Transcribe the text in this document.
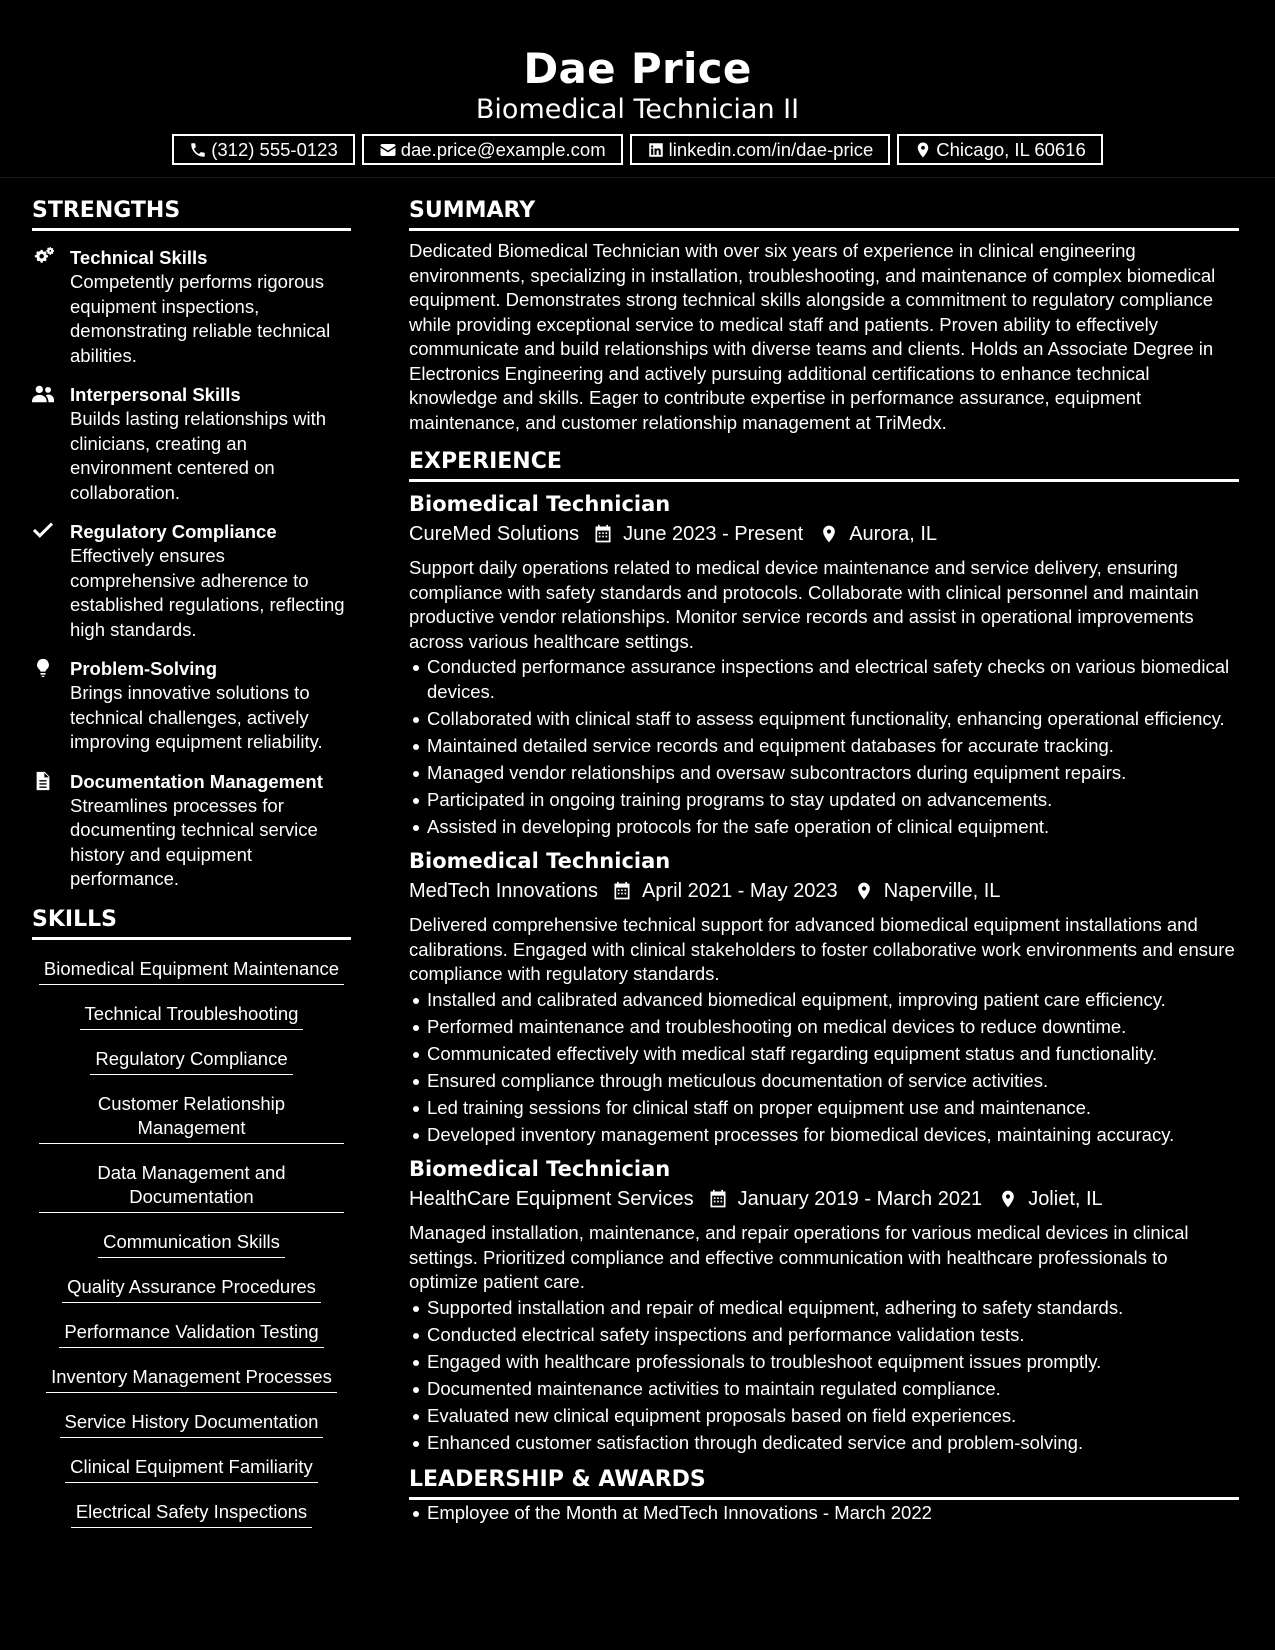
Dae Price
Biomedical Technician II
(312) 555-0123	dae.price@example.com	linkedin.com/in/dae-price	Chicago, IL 60616
STRENGTHS
Technical Skills
Competently performs rigorous equipment inspections, demonstrating reliable technical abilities.
Interpersonal Skills
Builds lasting relationships with clinicians, creating an environment centered on collaboration.
Regulatory Compliance
Effectively ensures comprehensive adherence to established regulations, reflecting high standards.
Problem-Solving
Brings innovative solutions to technical challenges, actively improving equipment reliability.
Documentation Management
Streamlines processes for documenting technical service history and equipment performance.
SKILLS
Biomedical Equipment Maintenance
Technical Troubleshooting
Regulatory Compliance
Customer Relationship Management
Data Management and Documentation
Communication Skills
Quality Assurance Procedures
Performance Validation Testing
Inventory Management Processes
Service History Documentation
Clinical Equipment Familiarity
Electrical Safety Inspections
SUMMARY
Dedicated Biomedical Technician with over six years of experience in clinical engineering environments, specializing in installation, troubleshooting, and maintenance of complex biomedical equipment. Demonstrates strong technical skills alongside a commitment to regulatory compliance while providing exceptional service to medical staff and patients. Proven ability to effectively communicate and build relationships with diverse teams and clients. Holds an Associate Degree in Electronics Engineering and actively pursuing additional certifications to enhance technical knowledge and skills. Eager to contribute expertise in performance assurance, equipment maintenance, and customer relationship management at TriMedx.
EXPERIENCE
Biomedical Technician
CureMed Solutions June 2023 - Present Aurora, IL
Support daily operations related to medical device maintenance and service delivery, ensuring compliance with safety standards and protocols. Collaborate with clinical personnel and maintain productive vendor relationships. Monitor service records and assist in operational improvements across various healthcare settings.
Conducted performance assurance inspections and electrical safety checks on various biomedical devices.
Collaborated with clinical staff to assess equipment functionality, enhancing operational efficiency.
Maintained detailed service records and equipment databases for accurate tracking.
Managed vendor relationships and oversaw subcontractors during equipment repairs.
Participated in ongoing training programs to stay updated on advancements.
Assisted in developing protocols for the safe operation of clinical equipment.
Biomedical Technician
MedTech Innovations April 2021 - May 2023 Naperville, IL
Delivered comprehensive technical support for advanced biomedical equipment installations and calibrations. Engaged with clinical stakeholders to foster collaborative work environments and ensure compliance with regulatory standards.
Installed and calibrated advanced biomedical equipment, improving patient care efficiency.
Performed maintenance and troubleshooting on medical devices to reduce downtime.
Communicated effectively with medical staff regarding equipment status and functionality.
Ensured compliance through meticulous documentation of service activities.
Led training sessions for clinical staff on proper equipment use and maintenance.
Developed inventory management processes for biomedical devices, maintaining accuracy.
Biomedical Technician
HealthCare Equipment Services January 2019 - March 2021 Joliet, IL
Managed installation, maintenance, and repair operations for various medical devices in clinical settings. Prioritized compliance and effective communication with healthcare professionals to optimize patient care.
Supported installation and repair of medical equipment, adhering to safety standards.
Conducted electrical safety inspections and performance validation tests.
Engaged with healthcare professionals to troubleshoot equipment issues promptly.
Documented maintenance activities to maintain regulated compliance.
Evaluated new clinical equipment proposals based on field experiences.
Enhanced customer satisfaction through dedicated service and problem-solving.
LEADERSHIP & AWARDS
Employee of the Month at MedTech Innovations - March 2022
